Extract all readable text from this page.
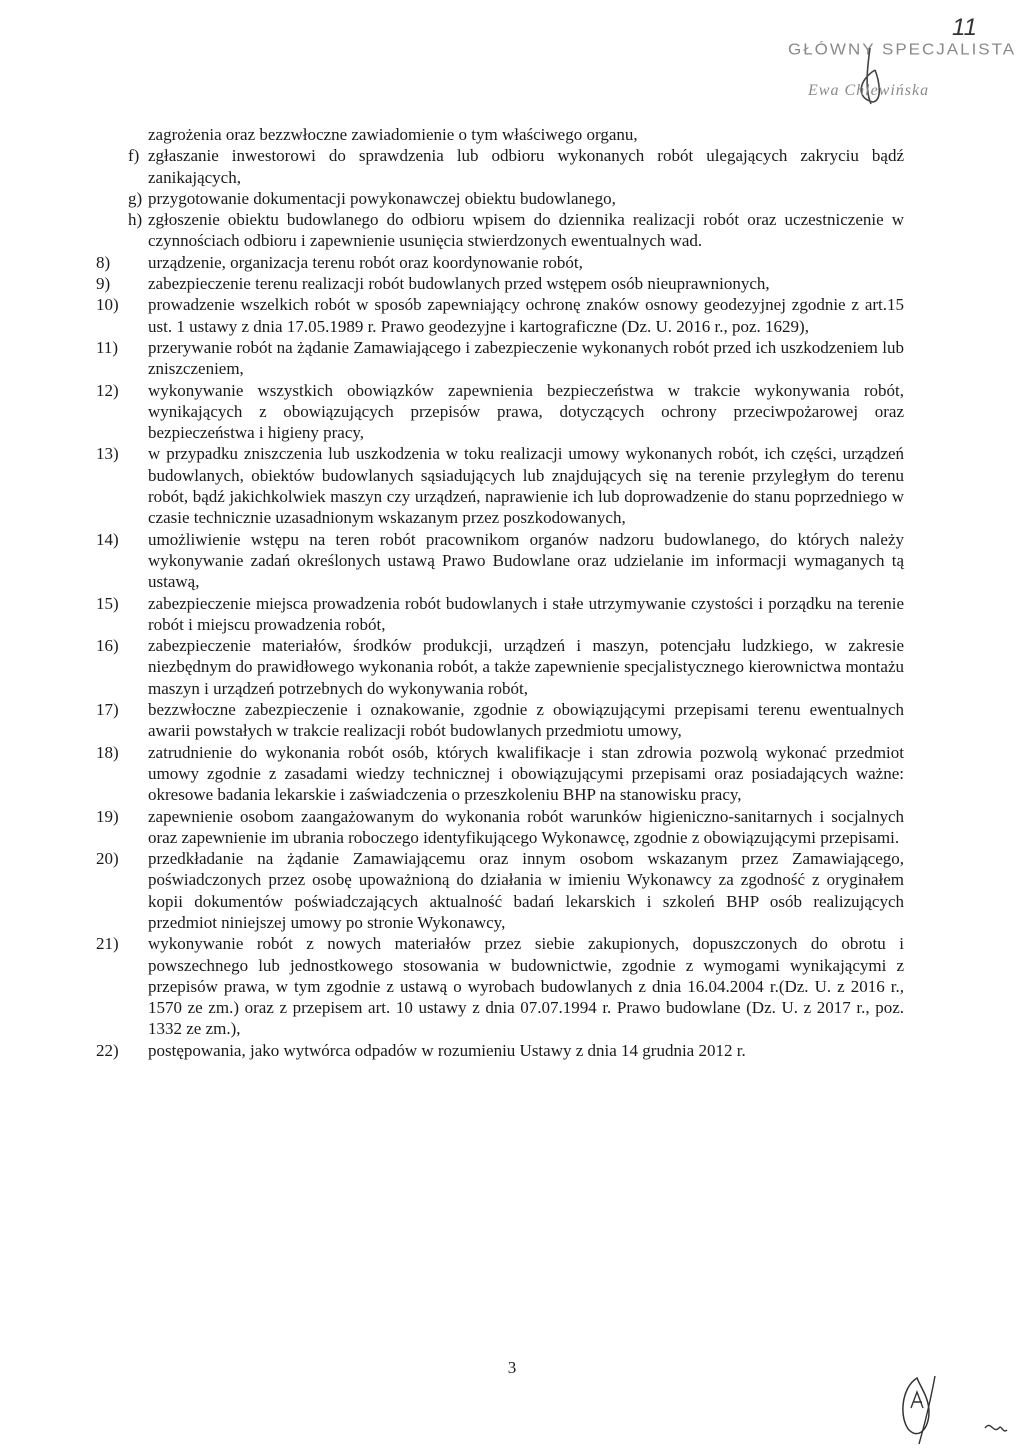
11
GŁÓWNY SPECJALISTA
Ewa Chlewińska

zagrożenia oraz bezzwłoczne zawiadomienie o tym właściwego organu,

f) zgłaszanie inwestorowi do sprawdzenia lub odbioru wykonanych robót ulegających zakryciu bądź zanikających,
g) przygotowanie dokumentacji powykonawczej obiektu budowlanego,
h) zgłoszenie obiektu budowlanego do odbioru wpisem do dziennika realizacji robót oraz uczestniczenie w czynnościach odbioru i zapewnienie usunięcia stwierdzonych ewentualnych wad.
8)	urządzenie, organizacja terenu robót oraz koordynowanie robót,
9)	zabezpieczenie terenu realizacji robót budowlanych przed wstępem osób nieuprawnionych,
10)	prowadzenie wszelkich robót w sposób zapewniający ochronę znaków osnowy geodezyjnej zgodnie z art.15 ust. 1 ustawy z dnia 17.05.1989 r. Prawo geodezyjne i kartograficzne (Dz. U. 2016 r., poz. 1629),
11)	przerywanie robót na żądanie Zamawiającego i zabezpieczenie wykonanych robót przed ich uszkodzeniem lub zniszczeniem,
12)	wykonywanie wszystkich obowiązków zapewnienia bezpieczeństwa w trakcie wykonywania robót, wynikających z obowiązujących przepisów prawa, dotyczących ochrony przeciwpożarowej oraz bezpieczeństwa i higieny pracy,
13)	w przypadku zniszczenia lub uszkodzenia w toku realizacji umowy wykonanych robót, ich części, urządzeń budowlanych, obiektów budowlanych sąsiadujących lub znajdujących się na terenie przyległym do terenu robót, bądź jakichkolwiek maszyn czy urządzeń, naprawienie ich lub doprowadzenie do stanu poprzedniego w czasie technicznie uzasadnionym wskazanym przez poszkodowanych,
14)	umożliwienie wstępu na teren robót pracownikom organów nadzoru budowlanego, do których należy wykonywanie zadań określonych ustawą Prawo Budowlane oraz udzielanie im informacji wymaganych tą ustawą,
15)	zabezpieczenie miejsca prowadzenia robót budowlanych i stałe utrzymywanie czystości i porządku na terenie robót i miejscu prowadzenia robót,
16)	zabezpieczenie materiałów, środków produkcji, urządzeń i maszyn, potencjału ludzkiego, w zakresie niezbędnym do prawidłowego wykonania robót, a także zapewnienie specjalistycznego kierownictwa montażu maszyn i urządzeń potrzebnych do wykonywania robót,
17)	bezzwłoczne zabezpieczenie i oznakowanie, zgodnie z obowiązującymi przepisami terenu ewentualnych awarii powstałych w trakcie realizacji robót budowlanych przedmiotu umowy,
18)	zatrudnienie do wykonania robót osób, których kwalifikacje i stan zdrowia pozwolą wykonać przedmiot umowy zgodnie z zasadami wiedzy technicznej i obowiązującymi przepisami oraz posiadających ważne: okresowe badania lekarskie i zaświadczenia o przeszkoleniu BHP na stanowisku pracy,
19)	zapewnienie osobom zaangażowanym do wykonania robót warunków higieniczno-sanitarnych i socjalnych oraz zapewnienie im ubrania roboczego identyfikującego Wykonawcę, zgodnie z obowiązującymi przepisami.
20)	przedkładanie na żądanie Zamawiającemu oraz innym osobom wskazanym przez Zamawiającego, poświadczonych przez osobę upoważnioną do działania w imieniu Wykonawcy za zgodność z oryginałem kopii dokumentów poświadczających aktualność badań lekarskich i szkoleń BHP osób realizujących przedmiot niniejszej umowy po stronie Wykonawcy,
21)	wykonywanie robót z nowych materiałów przez siebie zakupionych, dopuszczonych do obrotu i powszechnego lub jednostkowego stosowania w budownictwie, zgodnie z wymogami wynikającymi z przepisów prawa, w tym zgodnie z ustawą o wyrobach budowlanych z dnia 16.04.2004 r.(Dz. U. z 2016 r., 1570 ze zm.) oraz z przepisem art. 10 ustawy z dnia 07.07.1994 r. Prawo budowlane (Dz. U. z 2017 r., poz. 1332 ze zm.),
22)	postępowania, jako wytwórca odpadów w rozumieniu Ustawy z dnia 14 grudnia 2012 r.
3
